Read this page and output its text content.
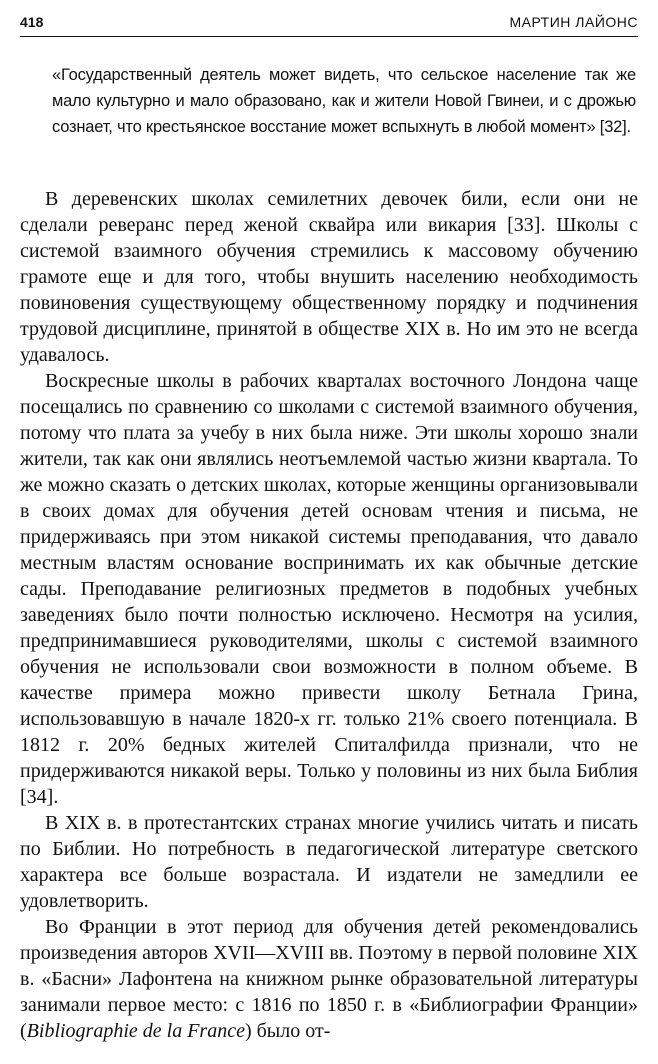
418	МАРТИН ЛАЙОНС
«Государственный деятель может видеть, что сельское население так же мало культурно и мало образовано, как и жители Новой Гвинеи, и с дрожью сознает, что крестьянское восстание может вспыхнуть в любой момент» [32].

В деревенских школах семилетних девочек били, если они не сделали реверанс перед женой сквайра или викария [33]. Школы с системой взаимного обучения стремились к массовому обучению грамоте еще и для того, чтобы внушить населению необходимость повиновения существующему общественному порядку и подчинения трудовой дисциплине, принятой в обществе XIX в. Но им это не всегда удавалось.

Воскресные школы в рабочих кварталах восточного Лондона чаще посещались по сравнению со школами с системой взаимного обучения, потому что плата за учебу в них была ниже. Эти школы хорошо знали жители, так как они являлись неотъемлемой частью жизни квартала. То же можно сказать о детских школах, которые женщины организовывали в своих домах для обучения детей основам чтения и письма, не придерживаясь при этом никакой системы преподавания, что давало местным властям основание воспринимать их как обычные детские сады. Преподавание религиозных предметов в подобных учебных заведениях было почти полностью исключено. Несмотря на усилия, предпринимавшиеся руководителями, школы с системой взаимного обучения не использовали свои возможности в полном объеме. В качестве примера можно привести школу Бетнала Грина, использовавшую в начале 1820-х гг. только 21% своего потенциала. В 1812 г. 20% бедных жителей Спиталфилда признали, что не придерживаются никакой веры. Только у половины из них была Библия [34].

В XIX в. в протестантских странах многие учились читать и писать по Библии. Но потребность в педагогической литературе светского характера все больше возрастала. И издатели не замедлили ее удовлетворить.

Во Франции в этот период для обучения детей рекомендовались произведения авторов XVII—XVIII вв. Поэтому в первой половине XIX в. «Басни» Лафонтена на книжном рынке образовательной литературы занимали первое место: с 1816 по 1850 г. в «Библиографии Франции» (Bibliographie de la France) было от-
